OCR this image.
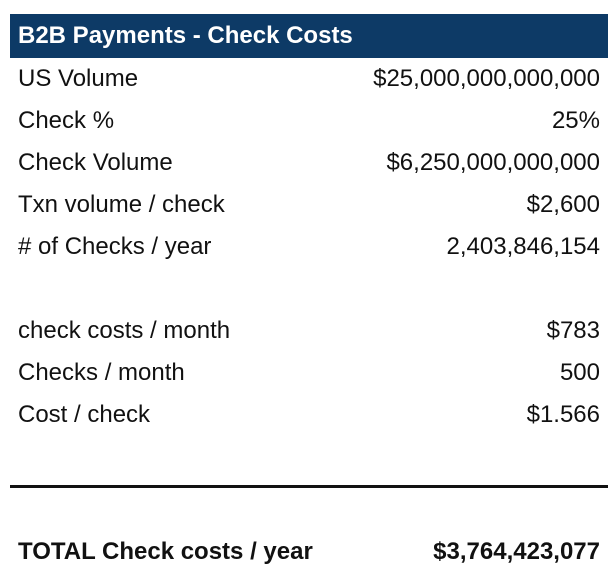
B2B Payments - Check Costs
US Volume	$25,000,000,000,000
Check %	25%
Check Volume	$6,250,000,000,000
Txn volume / check	$2,600
# of Checks / year	2,403,846,154
check costs / month	$783
Checks / month	500
Cost / check	$1.566
TOTAL Check costs / year	$3,764,423,077
